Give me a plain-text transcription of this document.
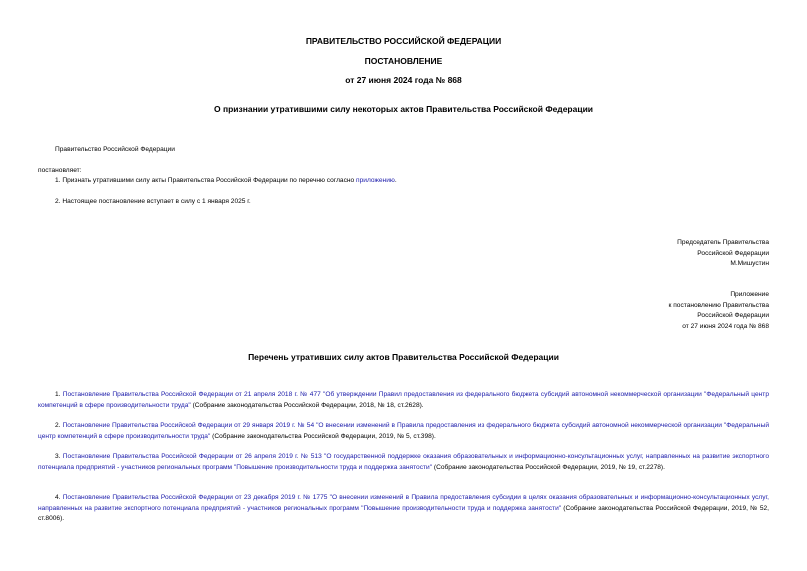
ПРАВИТЕЛЬСТВО РОССИЙСКОЙ ФЕДЕРАЦИИ
ПОСТАНОВЛЕНИЕ
от 27 июня 2024 года № 868
О признании утратившими силу некоторых актов Правительства Российской Федерации
Правительство Российской Федерации
постановляет:
1. Признать утратившими силу акты Правительства Российской Федерации по перечню согласно приложению.
2. Настоящее постановление вступает в силу с 1 января 2025 г.
Председатель Правительства
Российской Федерации
М.Мишустин
Приложение
к постановлению Правительства
Российской Федерации
от 27 июня 2024 года № 868
Перечень утративших силу актов Правительства Российской Федерации
1. Постановление Правительства Российской Федерации от 21 апреля 2018 г. № 477 "Об утверждении Правил предоставления из федерального бюджета субсидий автономной некоммерческой организации "Федеральный центр компетенций в сфере производительности труда" (Собрание законодательства Российской Федерации, 2018, № 18, ст.2628).
2. Постановление Правительства Российской Федерации от 29 января 2019 г. № 54 "О внесении изменений в Правила предоставления из федерального бюджета субсидий автономной некоммерческой организации "Федеральный центр компетенций в сфере производительности труда" (Собрание законодательства Российской Федерации, 2019, № 5, ст.398).
3. Постановление Правительства Российской Федерации от 26 апреля 2019 г. № 513 "О государственной поддержке оказания образовательных и информационно-консультационных услуг, направленных на развитие экспортного потенциала предприятий - участников региональных программ "Повышение производительности труда и поддержка занятости" (Собрание законодательства Российской Федерации, 2019, № 19, ст.2278).
4. Постановление Правительства Российской Федерации от 23 декабря 2019 г. № 1775 "О внесении изменений в Правила предоставления субсидии в целях оказания образовательных и информационно-консультационных услуг, направленных на развитие экспортного потенциала предприятий - участников региональных программ "Повышение производительности труда и поддержка занятости" (Собрание законодательства Российской Федерации, 2019, № 52, ст.8006).
